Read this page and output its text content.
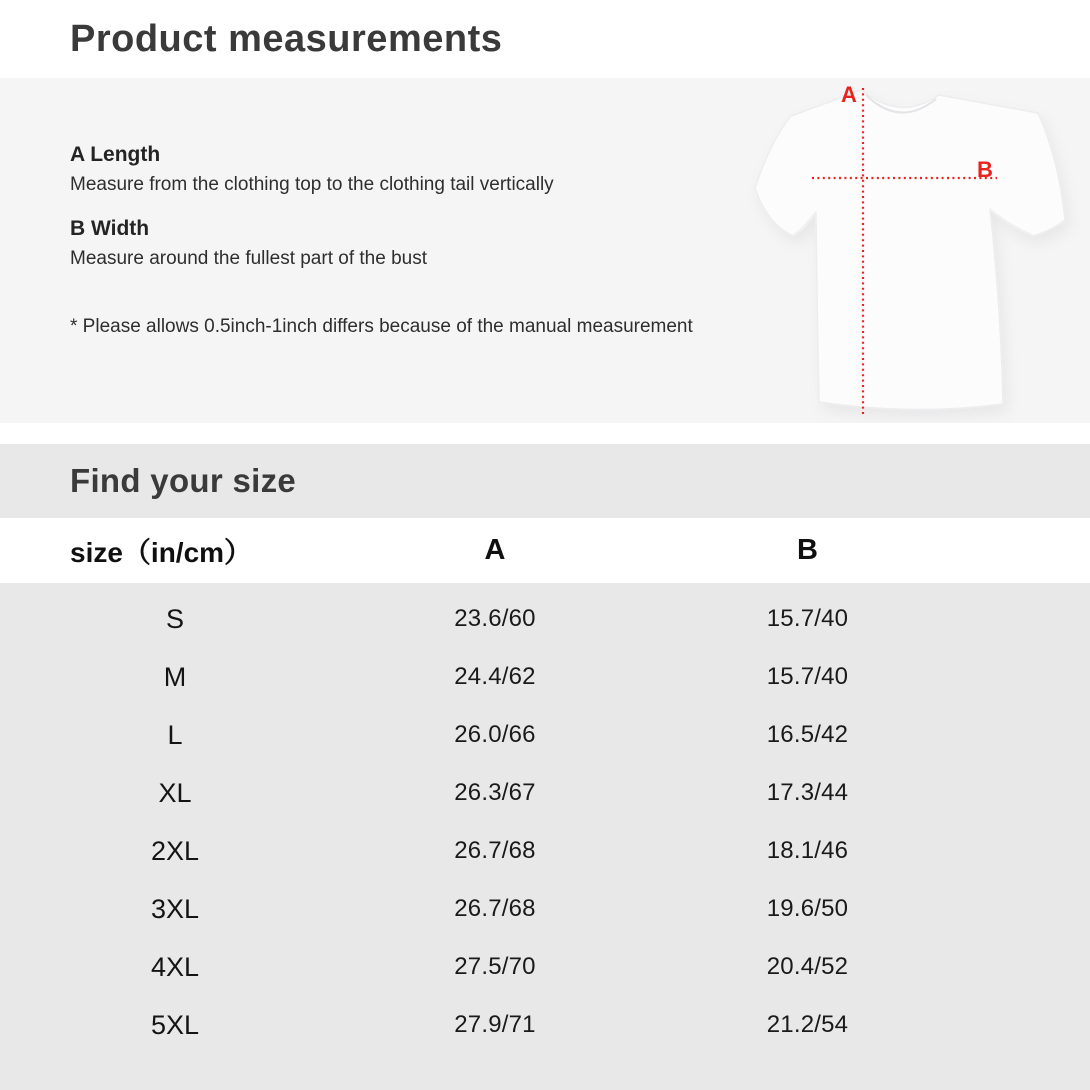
Product measurements
A Length
Measure from the clothing top to the clothing tail vertically
B Width
Measure around the fullest part of the bust
* Please allows 0.5inch-1inch differs because of the manual measurement
A
B
Find your size
size（in/cm）	A	B
S	23.6/60	15.7/40
M	24.4/62	15.7/40
L	26.0/66	16.5/42
XL	26.3/67	17.3/44
2XL	26.7/68	18.1/46
3XL	26.7/68	19.6/50
4XL	27.5/70	20.4/52
5XL	27.9/71	21.2/54
